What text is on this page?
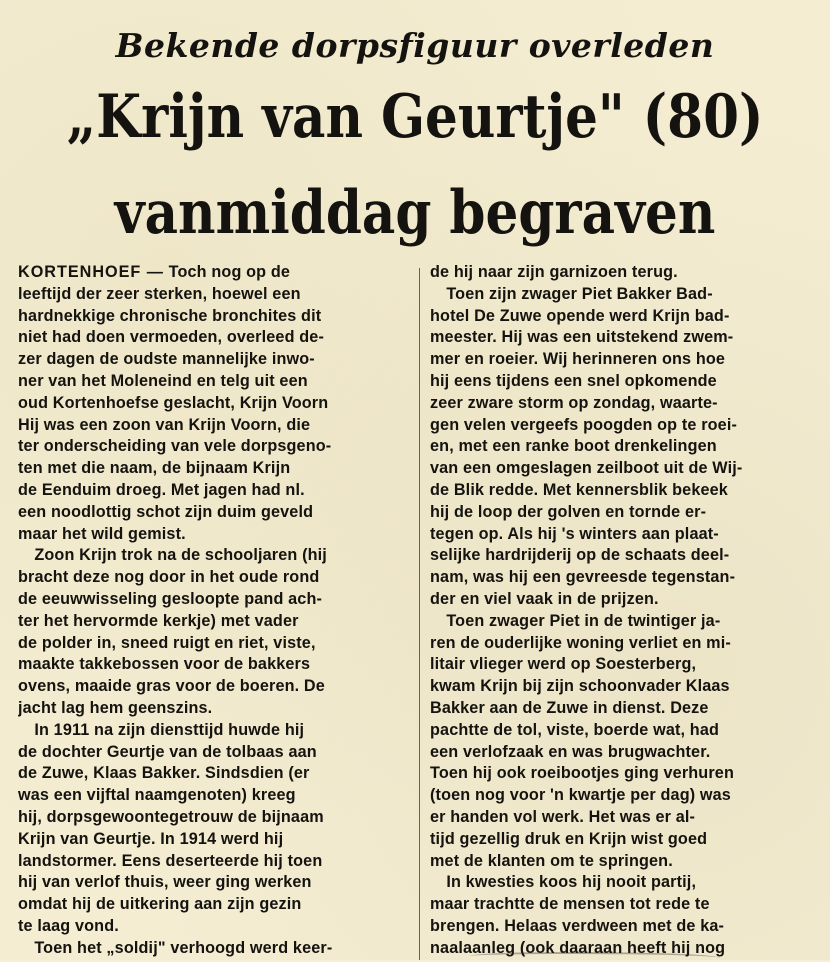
Bekende dorpsfiguur overleden
„Krijn van Geurtje" (80)
vanmiddag begraven
KORTENHOEF — Toch nog op de
leeftijd der zeer sterken, hoewel een
hardnekkige chronische bronchites dit
niet had doen vermoeden, overleed de-
zer dagen de oudste mannelijke inwo-
ner van het Moleneind en telg uit een
oud Kortenhoefse geslacht, Krijn Voorn
Hij was een zoon van Krijn Voorn, die
ter onderscheiding van vele dorpsgeno-
ten met die naam, de bijnaam Krijn
de Eenduim droeg. Met jagen had nl.
een noodlottig schot zijn duim geveld
maar het wild gemist.
 Zoon Krijn trok na de schooljaren (hij
bracht deze nog door in het oude rond
de eeuwwisseling gesloopte pand ach-
ter het hervormde kerkje) met vader
de polder in, sneed ruigt en riet, viste,
maakte takkebossen voor de bakkers
ovens, maaide gras voor de boeren. De
jacht lag hem geenszins.
 In 1911 na zijn diensttijd huwde hij
de dochter Geurtje van de tolbaas aan
de Zuwe, Klaas Bakker. Sindsdien (er
was een vijftal naamgenoten) kreeg
hij, dorpsgewoontegetrouw de bijnaam
Krijn van Geurtje. In 1914 werd hij
landstormer. Eens deserteerde hij toen
hij van verlof thuis, weer ging werken
omdat hij de uitkering aan zijn gezin
te laag vond.
 Toen het „soldij" verhoogd werd keer-
de hij naar zijn garnizoen terug.
 Toen zijn zwager Piet Bakker Bad-
hotel De Zuwe opende werd Krijn bad-
meester. Hij was een uitstekend zwem-
mer en roeier. Wij herinneren ons hoe
hij eens tijdens een snel opkomende
zeer zware storm op zondag, waarte-
gen velen vergeefs poogden op te roei-
en, met een ranke boot drenkelingen
van een omgeslagen zeilboot uit de Wij-
de Blik redde. Met kennersblik bekeek
hij de loop der golven en tornde er-
tegen op. Als hij 's winters aan plaat-
selijke hardrijderij op de schaats deel-
nam, was hij een gevreesde tegenstan-
der en viel vaak in de prijzen.
 Toen zwager Piet in de twintiger ja-
ren de ouderlijke woning verliet en mi-
litair vlieger werd op Soesterberg,
kwam Krijn bij zijn schoonvader Klaas
Bakker aan de Zuwe in dienst. Deze
pachtte de tol, viste, boerde wat, had
een verlofzaak en was brugwachter.
Toen hij ook roeibootjes ging verhuren
(toen nog voor 'n kwartje per dag) was
er handen vol werk. Het was er al-
tijd gezellig druk en Krijn wist goed
met de klanten om te springen.
 In kwesties koos hij nooit partij,
maar trachtte de mensen tot rede te
brengen. Helaas verdween met de ka-
naalaanleg (ook daaraan heeft hij nog
